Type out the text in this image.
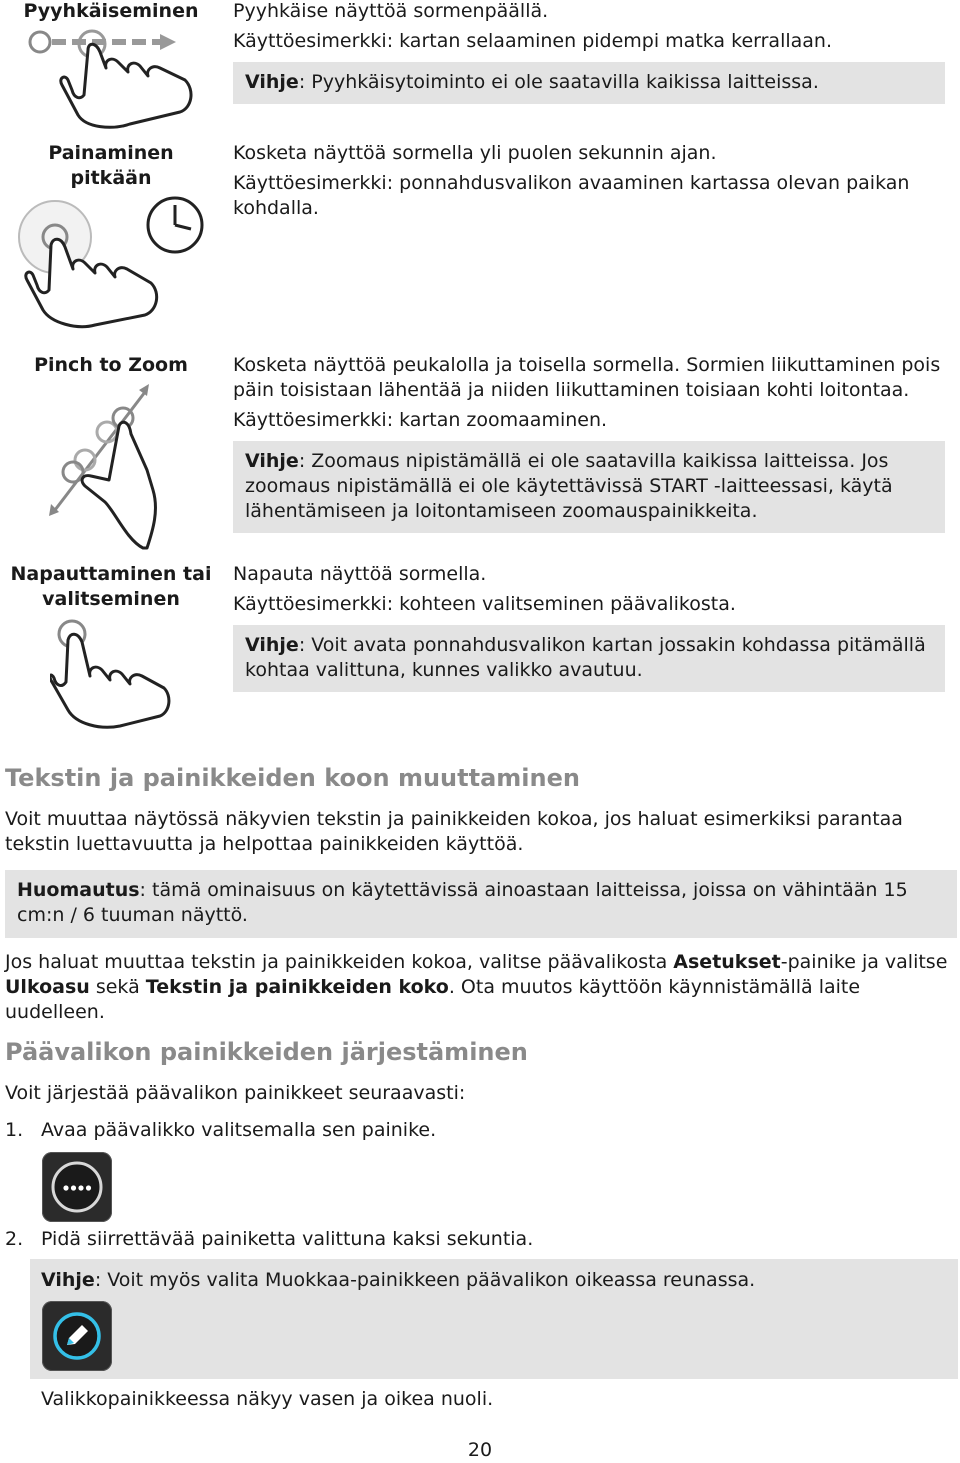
Pyyhkäiseminen	Pyyhkäise näyttöä sormenpäällä.

Käyttöesimerkki: kartan selaaminen pidempi matka kerrallaan.

Vihje: Pyyhkäisytoiminto ei ole saatavilla kaikissa laitteissa.
Painaminen
pitkään

Kosketa näyttöä sormella yli puolen sekunnin ajan.

Käyttöesimerkki: ponnahdusvalikon avaaminen kartassa olevan paikan kohdalla.

Pinch to Zoom	Kosketa näyttöä peukalolla ja toisella sormella. Sormien liikuttaminen pois päin toisistaan lähentää ja niiden liikuttaminen toisiaan kohti loitontaa.

Käyttöesimerkki: kartan zoomaaminen.

Vihje: Zoomaus nipistämällä ei ole saatavilla kaikissa laitteissa. Jos zoomaus nipistämällä ei ole käytettävissä START -laitteessasi, käytä lähentämiseen ja loitontamiseen zoomauspainikkeita.
Napauttaminen tai
valitseminen

Napauta näyttöä sormella.

Käyttöesimerkki: kohteen valitseminen päävalikosta.

Vihje: Voit avata ponnahdusvalikon kartan jossakin kohdassa pitämällä kohtaa valittuna, kunnes valikko avautuu.
Tekstin ja painikkeiden koon muuttaminen
Voit muuttaa näytössä näkyvien tekstin ja painikkeiden kokoa, jos haluat esimerkiksi parantaa tekstin luettavuutta ja helpottaa painikkeiden käyttöä.
Huomautus: tämä ominaisuus on käytettävissä ainoastaan laitteissa, joissa on vähintään 15 cm:n / 6 tuuman näyttö.
Jos haluat muuttaa tekstin ja painikkeiden kokoa, valitse päävalikosta Asetukset-painike ja valitse Ulkoasu sekä Tekstin ja painikkeiden koko. Ota muutos käyttöön käynnistämällä laite uudelleen.
Päävalikon painikkeiden järjestäminen
Voit järjestää päävalikon painikkeet seuraavasti:
1. Avaa päävalikko valitsemalla sen painike.
2. Pidä siirrettävää painiketta valittuna kaksi sekuntia.
Vihje: Voit myös valita Muokkaa-painikkeen päävalikon oikeassa reunassa.
Valikkopainikkeessa näkyy vasen ja oikea nuoli.
20
